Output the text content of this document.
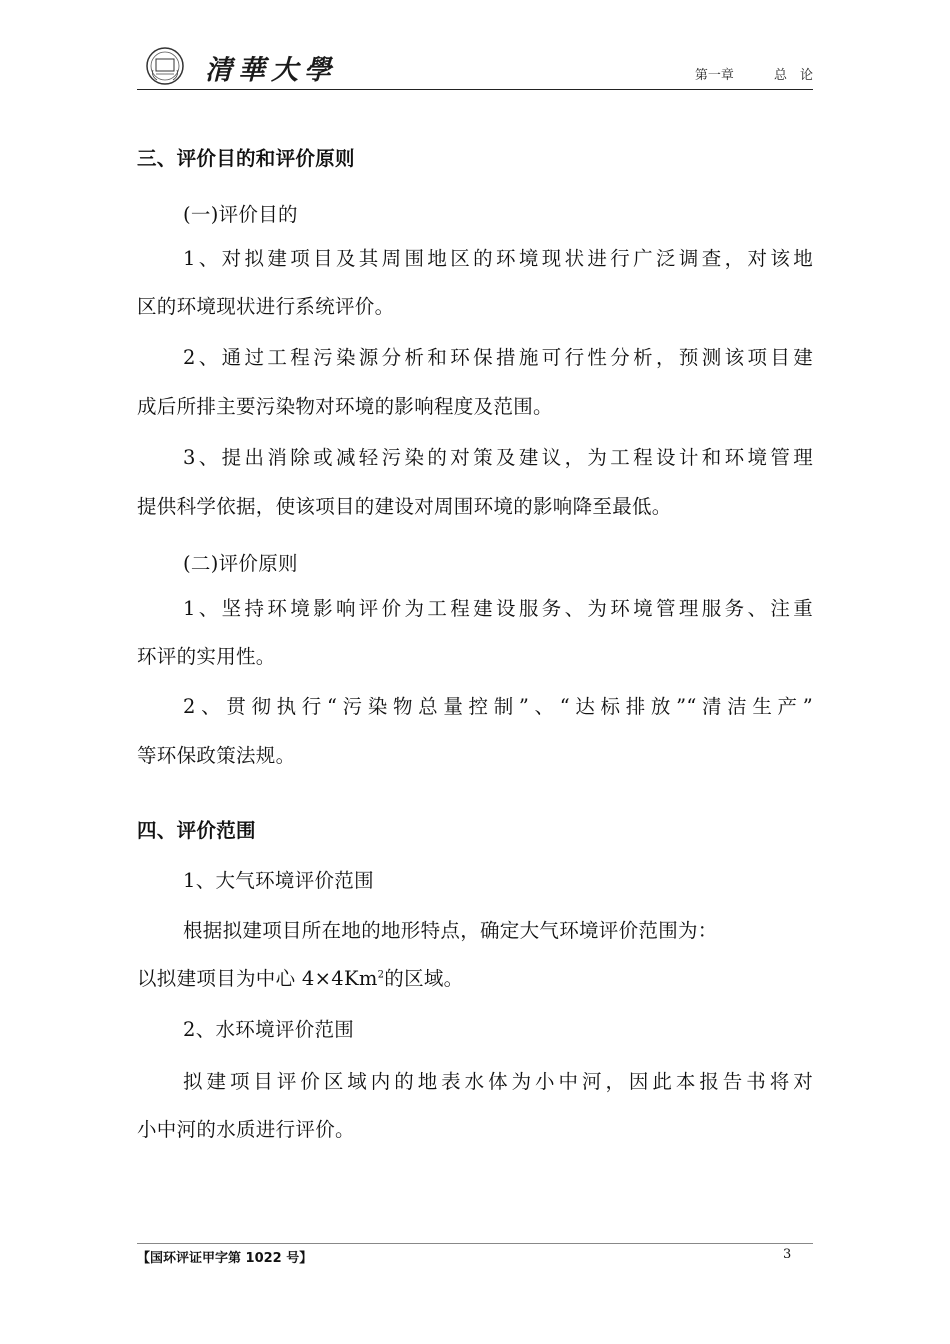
清華大學	第一章	总　论
三、评价目的和评价原则
(一)评价目的
1、对拟建项目及其周围地区的环境现状进行广泛调查，对该地
区的环境现状进行系统评价。
2、通过工程污染源分析和环保措施可行性分析，预测该项目建
成后所排主要污染物对环境的影响程度及范围。
3、提出消除或减轻污染的对策及建议，为工程设计和环境管理
提供科学依据，使该项目的建设对周围环境的影响降至最低。
(二)评价原则
1、坚持环境影响评价为工程建设服务、为环境管理服务、注重
环评的实用性。
2、贯彻执行“污染物总量控制”、“达标排放”“清洁生产”
等环保政策法规。
四、评价范围
1、大气环境评价范围
根据拟建项目所在地的地形特点，确定大气环境评价范围为：
以拟建项目为中心 $4\times 4Km^2$的区域。
2、水环境评价范围
拟建项目评价区域内的地表水体为小中河，因此本报告书将对
小中河的水质进行评价。
【国环评证甲字第 1022 号】	3
